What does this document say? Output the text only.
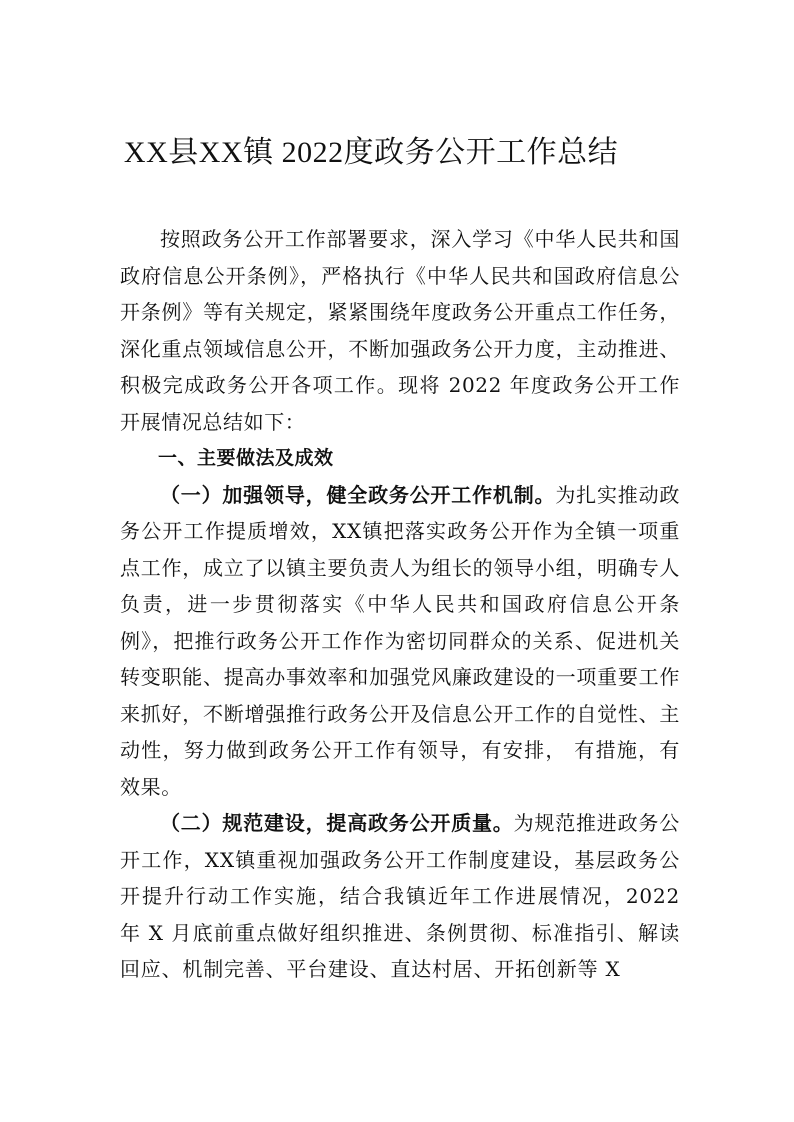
XX县XX镇 2022度政务公开工作总结

按照政务公开工作部署要求，深入学习《中华人民共和国政府信息公开条例》，严格执行《中华人民共和国政府信息公开条例》等有关规定，紧紧围绕年度政务公开重点工作任务，深化重点领域信息公开，不断加强政务公开力度，主动推进、积极完成政务公开各项工作。现将 2022 年度政务公开工作开展情况总结如下：

一、主要做法及成效

（一）加强领导，健全政务公开工作机制。为扎实推动政务公开工作提质增效，XX镇把落实政务公开作为全镇一项重点工作，成立了以镇主要负责人为组长的领导小组，明确专人负责，进一步贯彻落实《中华人民共和国政府信息公开条例》，把推行政务公开工作作为密切同群众的关系、促进机关转变职能、提高办事效率和加强党风廉政建设的一项重要工作来抓好，不断增强推行政务公开及信息公开工作的自觉性、主动性，努力做到政务公开工作有领导，有安排， 有措施，有效果。

（二）规范建设，提高政务公开质量。为规范推进政务公开工作，XX镇重视加强政务公开工作制度建设，基层政务公开提升行动工作实施，结合我镇近年工作进展情况，2022 年 X 月底前重点做好组织推进、条例贯彻、标准指引、解读回应、机制完善、平台建设、直达村居、开拓创新等 X
